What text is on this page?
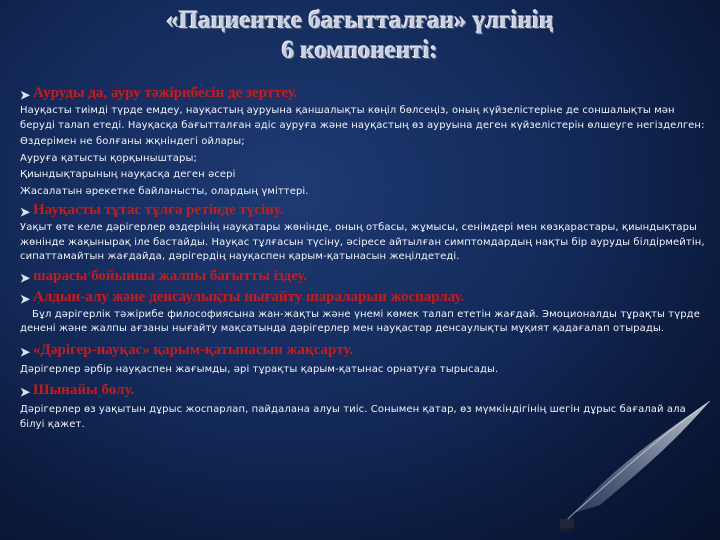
«Пациентке бағытталған» үлгінің
6 компоненті:
➤ Ауруды да, ауру тәжірибесін де зерттеу.

Науқасты тиімді түрде емдеу, науқастың ауруына қаншалықты көңіл бөлсеңіз, оның күйзелістеріне де соншалықты мән беруді талап етеді. Науқасқа бағытталған әдіс ауруға және науқастың өз ауруына деген күйзелістерін өлшеуге негізделген:

Өздерімен не болғаны жқніндегі ойлары;

Ауруға қатысты қорқыныштары;

Қиындықтарының науқасқа деген әсері

Жасалатын әрекетке байланысты, олардың үміттері.

➤ Науқасты тұтас тұлға ретінде түсіну.

Уақыт өте келе дәрігерлер өздерінің науқатары жөнінде, оның отбасы, жұмысы, сенімдері мен көзқарастары, қиындықтары жөнінде жақынырақ іле бастайды. Науқас тұлғасын түсіну, әсіресе айтылған симптомдардың нақты бір ауруды білдірмейтін, сипаттамайтын жағдайда, дәрігердің науқаспен қарым-қатынасын жеңілдетеді.

➤ шарасы бойынша жалпы бағытты іздеу.
➤ Алдын-алу және денсаулықты нығайту шараларын жоспарлау.

Бұл дәрігерлік тәжірибе философиясына жан-жақты және үнемі көмек талап ететін жағдай. Эмоционалды тұрақты түрде денені және жалпы ағзаны нығайту мақсатында дәрігерлер мен науқастар денсаулықты мұқият қадағалап отырады.

➤ «Дәрігер-науқас» қарым-қатынасын жақсарту.

Дәрігерлер әрбір науқаспен жағымды, әрі тұрақты қарым-қатынас орнатуға тырысады.

➤ Шынайы болу.

Дәрігерлер өз уақытын дұрыс жоспарлап, пайдалана алуы тиіс. Сонымен қатар, өз мүмкіндігінің шегін дұрыс бағалай ала білуі қажет.
